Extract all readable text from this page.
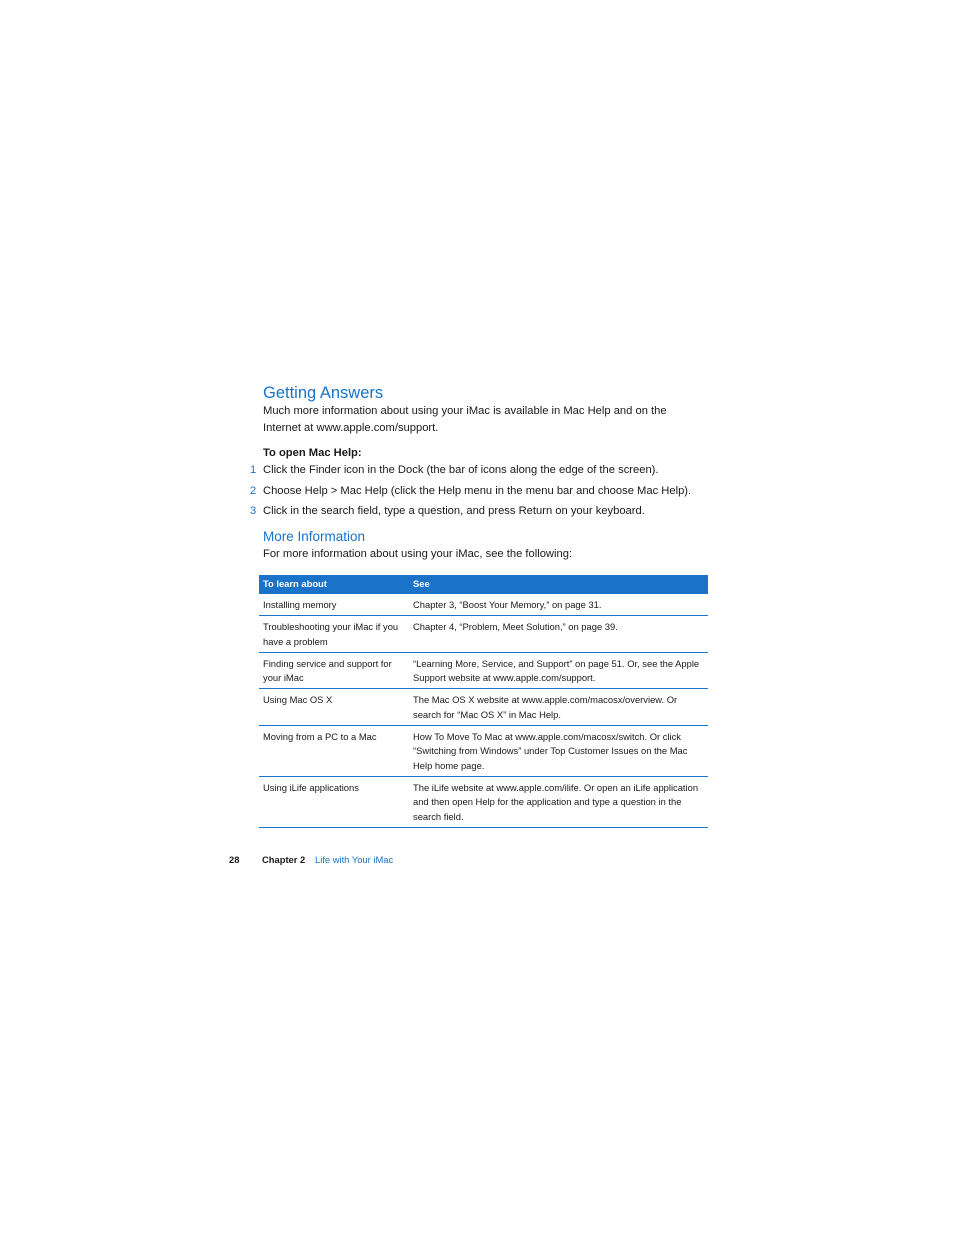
Getting Answers

Much more information about using your iMac is available in Mac Help and on the
Internet at www.apple.com/support.

To open Mac Help:

1 Click the Finder icon in the Dock (the bar of icons along the edge of the screen).
2 Choose Help > Mac Help (click the Help menu in the menu bar and choose Mac Help).
3 Click in the search field, type a question, and press Return on your keyboard.
More Information

For more information about using your iMac, see the following:

To learn about	See
Installing memory	Chapter 3, “Boost Your Memory,” on page 31.
Troubleshooting your iMac if you have a problem	Chapter 4, “Problem, Meet Solution,” on page 39.
Finding service and support for your iMac	“Learning More, Service, and Support” on page 51. Or, see the Apple Support website at www.apple.com/support.
Using Mac OS X	The Mac OS X website at www.apple.com/macosx/overview. Or search for “Mac OS X” in Mac Help.
Moving from a PC to a Mac	How To Move To Mac at www.apple.com/macosx/switch. Or click “Switching from Windows” under Top Customer Issues on the Mac Help home page.
Using iLife applications	The iLife website at www.apple.com/ilife. Or open an iLife application and then open Help for the application and type a question in the search field.
28 Chapter 2 Life with Your iMac
